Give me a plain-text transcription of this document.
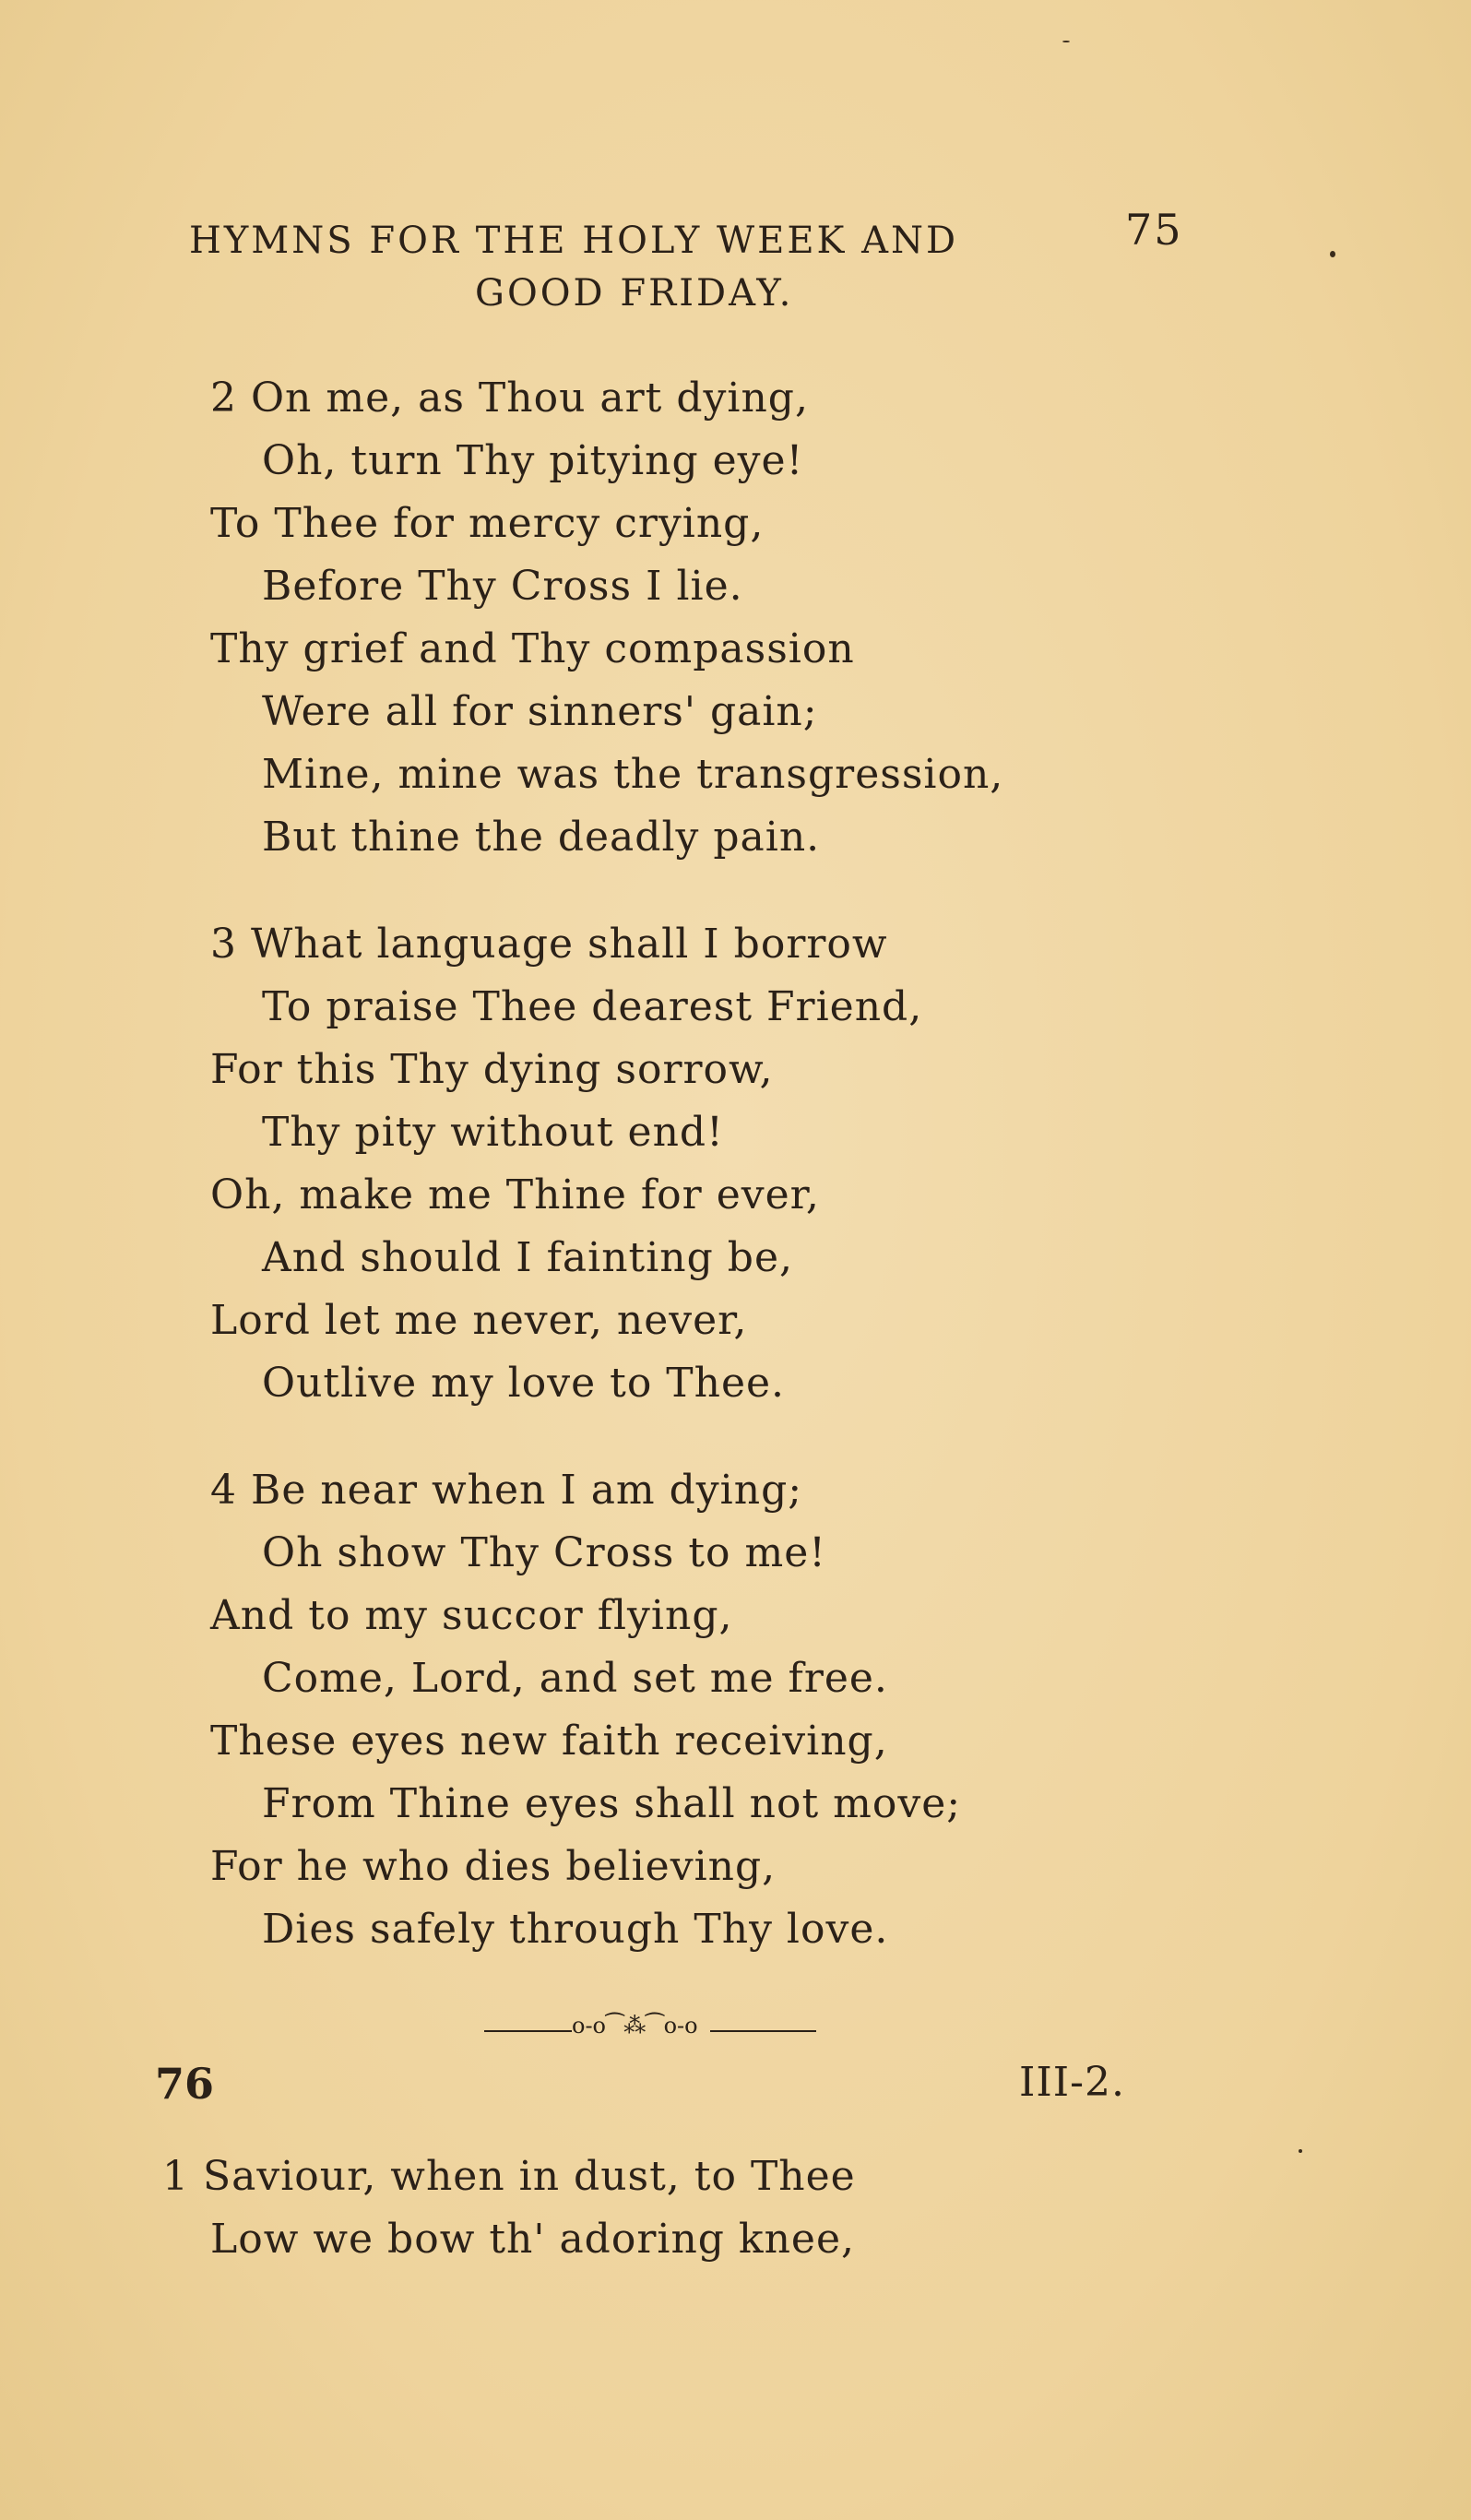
HYMNS FOR THE HOLY WEEK AND	75
GOOD FRIDAY.
2 On me, as Thou art dying,
Oh, turn Thy pitying eye!
To Thee for mercy crying,
Before Thy Cross I lie.
Thy grief and Thy compassion
Were all for sinners' gain;
Mine, mine was the transgression,
But thine the deadly pain.
3 What language shall I borrow
To praise Thee dearest Friend,
For this Thy dying sorrow,
Thy pity without end!
Oh, make me Thine for ever,
And should I fainting be,
Lord let me never, never,
Outlive my love to Thee.
4 Be near when I am dying;
Oh show Thy Cross to me!
And to my succor flying,
Come, Lord, and set me free.
These eyes new faith receiving,
From Thine eyes shall not move;
For he who dies believing,
Dies safely through Thy love.
o-o⁀⁂⁀o-o
76	III-2.
1 Saviour, when in dust, to Thee
Low we bow th' adoring knee,
